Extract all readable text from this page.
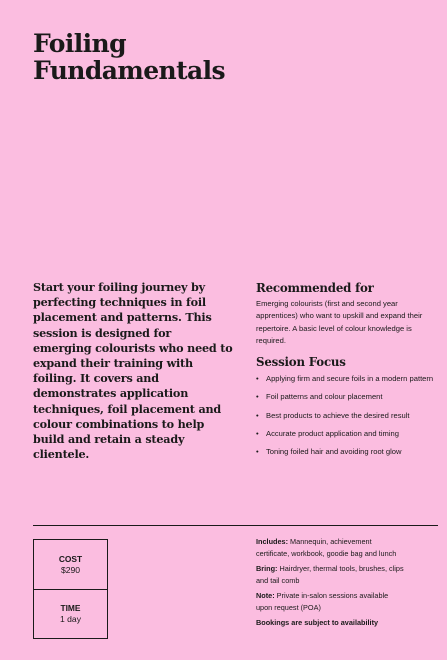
Foiling
Fundamentals

Start your foiling journey by perfecting techniques in foil placement and patterns. This session is designed for emerging colourists who need to expand their training with foiling. It covers and demonstrates application techniques, foil placement and colour combinations to help build and retain a steady clientele.

Recommended for

Emerging colourists (first and second year apprentices) who want to upskill and expand their repertoire. A basic level of colour knowledge is required.

Session Focus
• Applying firm and secure foils in a modern pattern
• Foil patterns and colour placement
• Best products to achieve the desired result
• Accurate product application and timing
• Toning foiled hair and avoiding root glow
COST
$290
TIME
1 day

Includes: Mannequin, achievement certificate, workbook, goodie bag and lunch

Bring: Hairdryer, thermal tools, brushes, clips and tail comb

Note: Private in-salon sessions available upon request (POA)

Bookings are subject to availability
